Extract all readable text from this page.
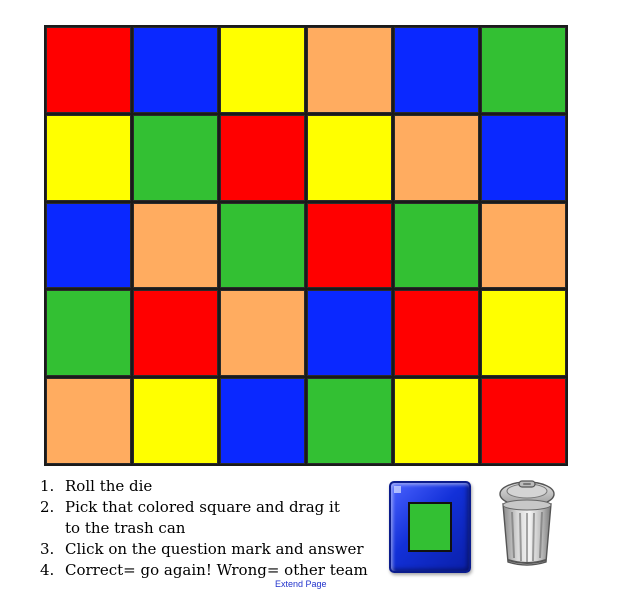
1. Roll the die
2. Pick that colored square and drag it
to the trash can
3. Click on the question mark and answer
4. Correct= go again! Wrong= other team
Extend Page
